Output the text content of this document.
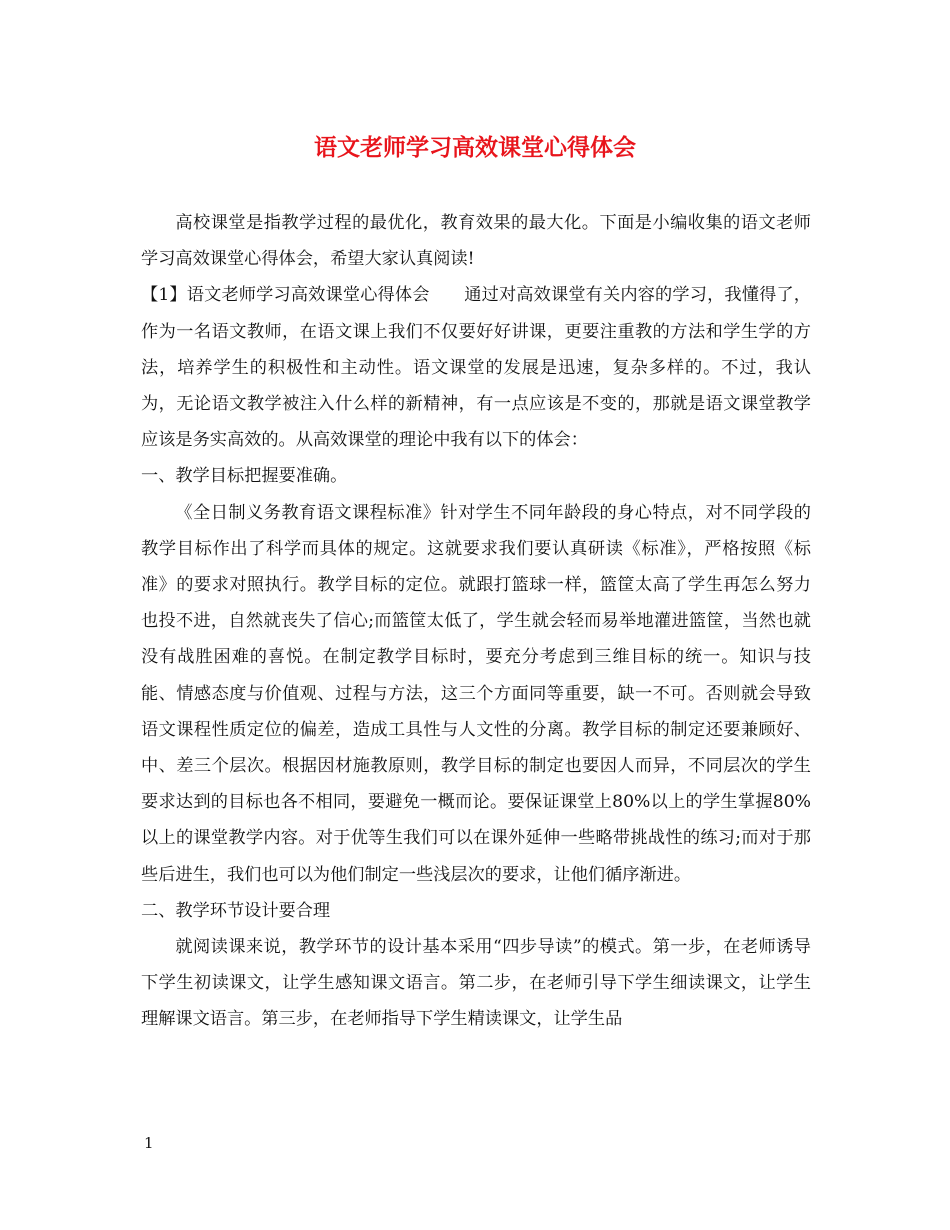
语文老师学习高效课堂心得体会

高校课堂是指教学过程的最优化，教育效果的最大化。下面是小编收集的语文老师学习高效课堂心得体会，希望大家认真阅读!

【1】语文老师学习高效课堂心得体会　　通过对高效课堂有关内容的学习，我懂得了，作为一名语文教师，在语文课上我们不仅要好好讲课，更要注重教的方法和学生学的方法，培养学生的积极性和主动性。语文课堂的发展是迅速，复杂多样的。不过，我认为，无论语文教学被注入什么样的新精神，有一点应该是不变的，那就是语文课堂教学应该是务实高效的。从高效课堂的理论中我有以下的体会：

一、教学目标把握要准确。

《全日制义务教育语文课程标准》针对学生不同年龄段的身心特点，对不同学段的教学目标作出了科学而具体的规定。这就要求我们要认真研读《标准》，严格按照《标准》的要求对照执行。教学目标的定位。就跟打篮球一样，篮筐太高了学生再怎么努力也投不进，自然就丧失了信心;而篮筐太低了，学生就会轻而易举地灌进篮筐，当然也就没有战胜困难的喜悦。在制定教学目标时，要充分考虑到三维目标的统一。知识与技能、情感态度与价值观、过程与方法，这三个方面同等重要，缺一不可。否则就会导致语文课程性质定位的偏差，造成工具性与人文性的分离。教学目标的制定还要兼顾好、中、差三个层次。根据因材施教原则，教学目标的制定也要因人而异，不同层次的学生要求达到的目标也各不相同，要避免一概而论。要保证课堂上80%以上的学生掌握80%以上的课堂教学内容。对于优等生我们可以在课外延伸一些略带挑战性的练习;而对于那些后进生，我们也可以为他们制定一些浅层次的要求，让他们循序渐进。

二、教学环节设计要合理

就阅读课来说，教学环节的设计基本采用“四步导读”的模式。第一步，在老师诱导下学生初读课文，让学生感知课文语言。第二步，在老师引导下学生细读课文，让学生理解课文语言。第三步，在老师指导下学生精读课文，让学生品

1
